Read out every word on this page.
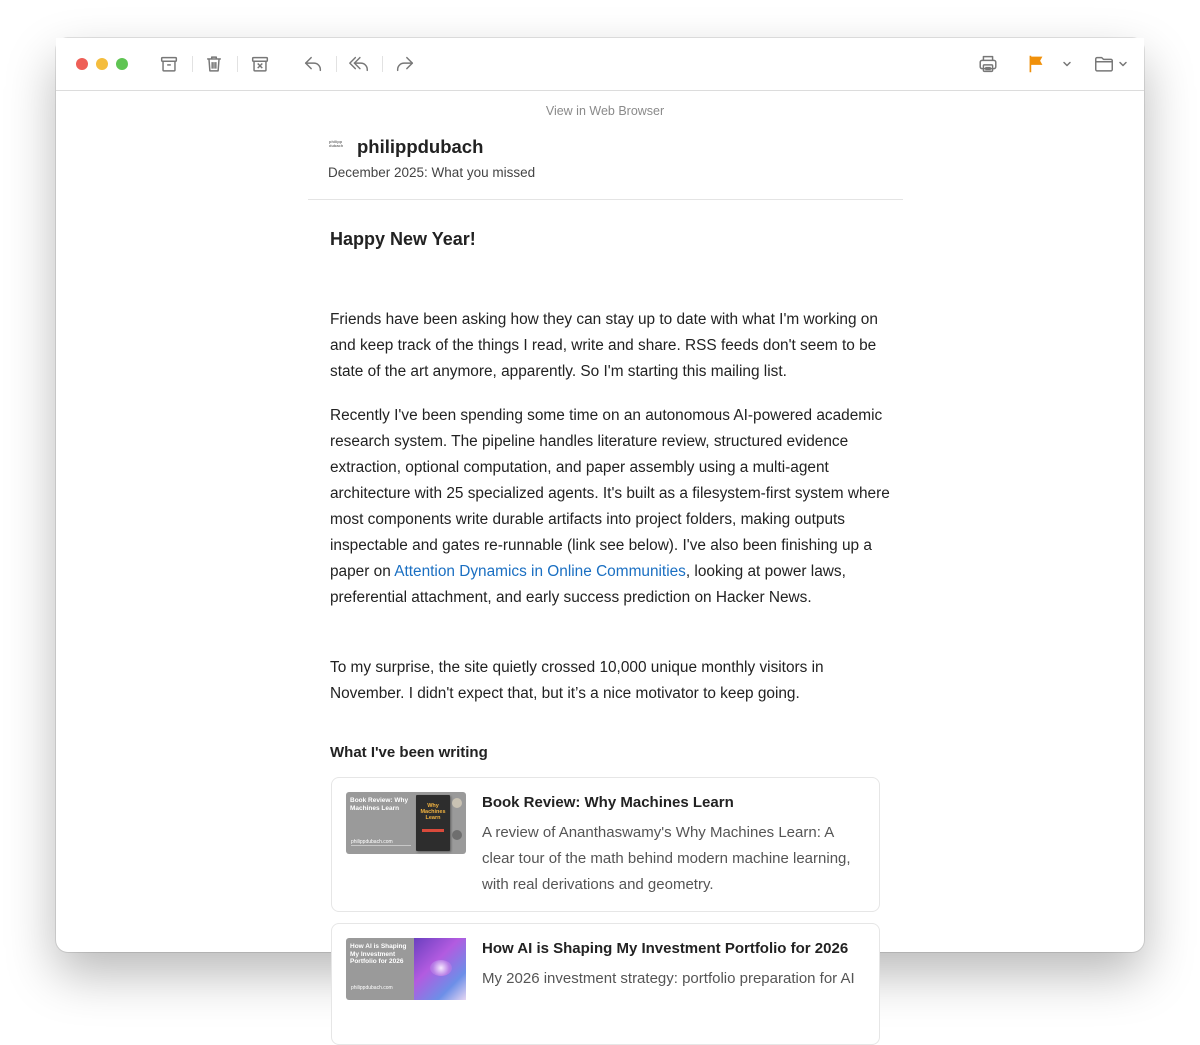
View in Web Browser
philipp dubach philippdubach
December 2025: What you missed
Happy New Year!

Friends have been asking how they can stay up to date with what I'm working on and keep track of the things I read, write and share. RSS feeds don't seem to be state of the art anymore, apparently. So I'm starting this mailing list.

Recently I've been spending some time on an autonomous AI-powered academic research system. The pipeline handles literature review, structured evidence extraction, optional computation, and paper assembly using a multi-agent architecture with 25 specialized agents. It's built as a filesystem-first system where most components write durable artifacts into project folders, making outputs inspectable and gates re-runnable (link see below). I've also been finishing up a paper on Attention Dynamics in Online Communities, looking at power laws, preferential attachment, and early success prediction on Hacker News.

To my surprise, the site quietly crossed 10,000 unique monthly visitors in November. I didn't expect that, but it’s a nice motivator to keep going.

What I've been writing
Book Review: Why Machines Learn
philippdubach.com
Why Machines Learn
Book Review: Why Machines Learn
A review of Ananthaswamy's Why Machines Learn: A clear tour of the math behind modern machine learning, with real derivations and geometry.
How AI is Shaping My Investment Portfolio for 2026
philippdubach.com
How AI is Shaping My Investment Portfolio for 2026
My 2026 investment strategy: portfolio preparation for AI
